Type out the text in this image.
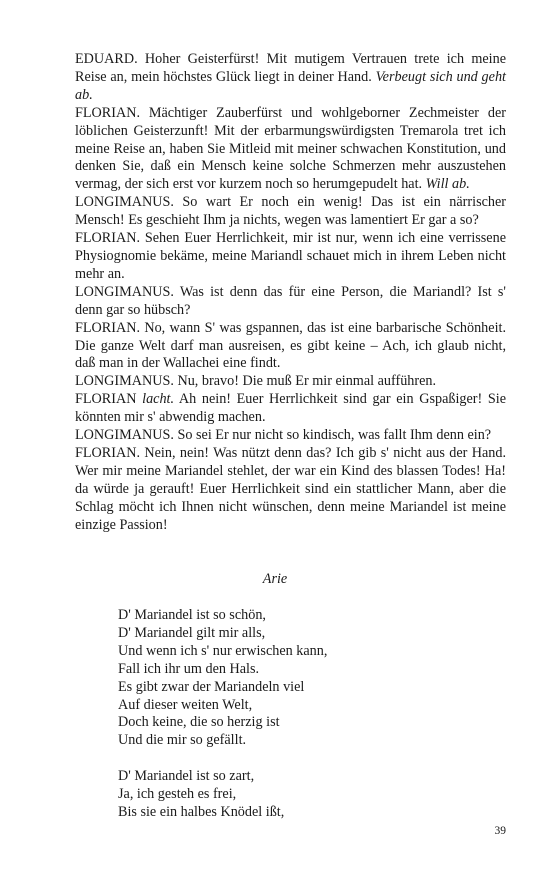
EDUARD. Hoher Geisterfürst! Mit mutigem Vertrauen trete ich meine Reise an, mein höchstes Glück liegt in deiner Hand. Verbeugt sich und geht ab.

FLORIAN. Mächtiger Zauberfürst und wohlgeborner Zechmeister der löblichen Geisterzunft! Mit der erbarmungswürdigsten Tremarola tret ich meine Reise an, haben Sie Mitleid mit meiner schwachen Konstitution, und denken Sie, daß ein Mensch keine solche Schmerzen mehr auszustehen vermag, der sich erst vor kurzem noch so herumgepudelt hat. Will ab.

LONGIMANUS. So wart Er noch ein wenig! Das ist ein närrischer Mensch! Es geschieht Ihm ja nichts, wegen was lamentiert Er gar a so?

FLORIAN. Sehen Euer Herrlichkeit, mir ist nur, wenn ich eine verrissene Physiognomie bekäme, meine Mariandl schauet mich in ihrem Leben nicht mehr an.

LONGIMANUS. Was ist denn das für eine Person, die Mariandl? Ist s' denn gar so hübsch?

FLORIAN. No, wann S' was gspannen, das ist eine barbarische Schönheit. Die ganze Welt darf man ausreisen, es gibt keine – Ach, ich glaub nicht, daß man in der Wallachei eine findt.

LONGIMANUS. Nu, bravo! Die muß Er mir einmal aufführen.

FLORIAN lacht. Ah nein! Euer Herrlichkeit sind gar ein Gspaßiger! Sie könnten mir s' abwendig machen.

LONGIMANUS. So sei Er nur nicht so kindisch, was fallt Ihm denn ein?

FLORIAN. Nein, nein! Was nützt denn das? Ich gib s' nicht aus der Hand. Wer mir meine Mariandel stehlet, der war ein Kind des blassen Todes! Ha! da würde ja gerauft! Euer Herrlichkeit sind ein stattlicher Mann, aber die Schlag möcht ich Ihnen nicht wünschen, denn meine Mariandel ist meine einzige Passion!

Arie
D' Mariandel ist so schön,
D' Mariandel gilt mir alls,
Und wenn ich s' nur erwischen kann,
Fall ich ihr um den Hals.
Es gibt zwar der Mariandeln viel
Auf dieser weiten Welt,
Doch keine, die so herzig ist
Und die mir so gefällt.
D' Mariandel ist so zart,
Ja, ich gesteh es frei,
Bis sie ein halbes Knödel ißt,
39
